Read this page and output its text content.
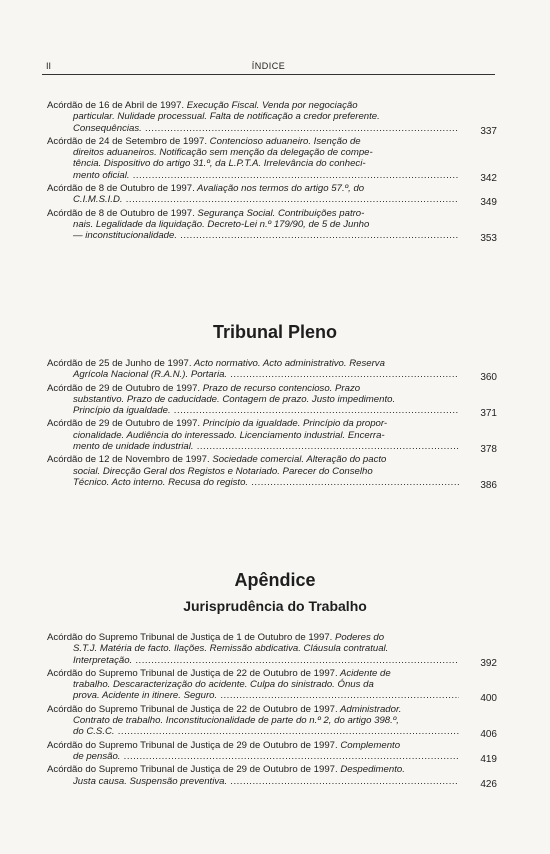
II	ÍNDICE
Acórdão de 16 de Abril de 1997. Execução Fiscal. Venda por negociação
particular. Nulidade processual. Falta de notificação a credor preferente.
Consequências. .....	337
Acórdão de 24 de Setembro de 1997. Contencioso aduaneiro. Isenção de
direitos aduaneiros. Notificação sem menção da delegação de compe-
tência. Dispositivo do artigo 31.º, da L.P.T.A. Irrelevância do conheci-
mento oficial. .....	342
Acórdão de 8 de Outubro de 1997. Avaliação nos termos do artigo 57.º, do
C.I.M.S.I.D. .....	349
Acórdão de 8 de Outubro de 1997. Segurança Social. Contribuições patro-
nais. Legalidade da liquidação. Decreto-Lei n.º 179/90, de 5 de Junho
— inconstitucionalidade. .....	353
Tribunal Pleno
Acórdão de 25 de Junho de 1997. Acto normativo. Acto administrativo. Reserva
Agrícola Nacional (R.A.N.). Portaria. .....	360
Acórdão de 29 de Outubro de 1997. Prazo de recurso contencioso. Prazo
substantivo. Prazo de caducidade. Contagem de prazo. Justo impedimento.
Princípio da igualdade. .....	371
Acórdão de 29 de Outubro de 1997. Princípio da igualdade. Princípio da propor-
cionalidade. Audiência do interessado. Licenciamento industrial. Encerra-
mento de unidade industrial. .....	378
Acórdão de 12 de Novembro de 1997. Sociedade comercial. Alteração do pacto
social. Direcção Geral dos Registos e Notariado. Parecer do Conselho
Técnico. Acto interno. Recusa do registo. .....	386
Apêndice
Jurisprudência do Trabalho
Acórdão do Supremo Tribunal de Justiça de 1 de Outubro de 1997. Poderes do
S.T.J. Matéria de facto. Ilações. Remissão abdicativa. Cláusula contratual.
Interpretação. .....	392
Acórdão do Supremo Tribunal de Justiça de 22 de Outubro de 1997. Acidente de
trabalho. Descaracterização do acidente. Culpa do sinistrado. Ónus da
prova. Acidente in itinere. Seguro. .....	400
Acórdão do Supremo Tribunal de Justiça de 22 de Outubro de 1997. Administrador.
Contrato de trabalho. Inconstitucionalidade de parte do n.º 2, do artigo 398.º,
do C.S.C. .....	406
Acórdão do Supremo Tribunal de Justiça de 29 de Outubro de 1997. Complemento
de pensão. .....	419
Acórdão do Supremo Tribunal de Justiça de 29 de Outubro de 1997. Despedimento.
Justa causa. Suspensão preventiva. .....	426
